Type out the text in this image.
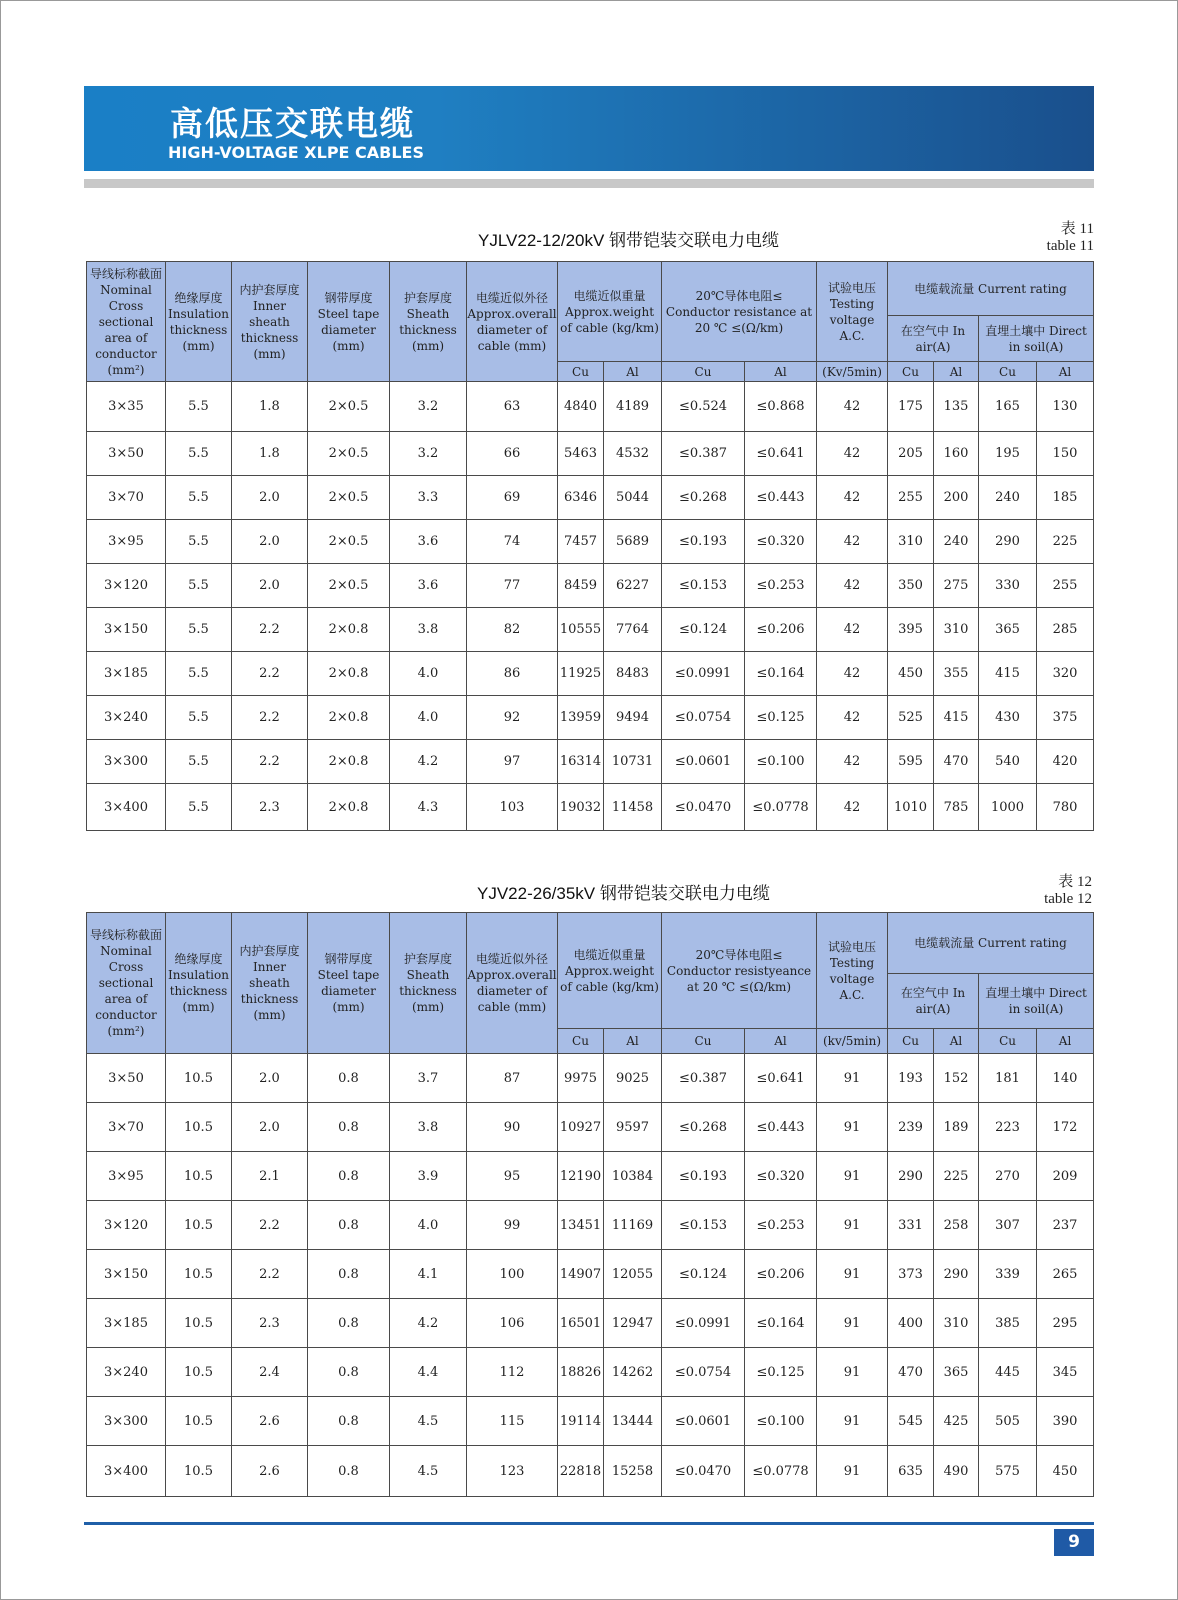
高低压交联电缆
HIGH-VOLTAGE XLPE CABLES
YJLV22-12/20kV 钢带铠装交联电力电缆
表 11
table 11
导线标称截面 Nominal Cross sectional area of conductor (mm²)	绝缘厚度 Insulation thickness (mm)	内护套厚度 Inner sheath thickness (mm)	钢带厚度 Steel tape diameter (mm)	护套厚度 Sheath thickness (mm)	电缆近似外径 Approx.overall diameter of cable (mm)	电缆近似重量 Approx.weight of cable (kg/km)		20℃导体电阻≤ Conductor resistance at 20 ℃ ≤(Ω/km)		试验电压 Testing voltage A.C.	电缆载流量 Current rating			
											在空气中 In air(A)		直埋土壤中 Direct in soil(A)	
						Cu	Al	Cu	Al	(Kv/5min)	Cu	Al	Cu	Al
3×35	5.5	1.8	2×0.5	3.2	63	4840	4189	≤0.524	≤0.868	42	175	135	165	130
3×50	5.5	1.8	2×0.5	3.2	66	5463	4532	≤0.387	≤0.641	42	205	160	195	150
3×70	5.5	2.0	2×0.5	3.3	69	6346	5044	≤0.268	≤0.443	42	255	200	240	185
3×95	5.5	2.0	2×0.5	3.6	74	7457	5689	≤0.193	≤0.320	42	310	240	290	225
3×120	5.5	2.0	2×0.5	3.6	77	8459	6227	≤0.153	≤0.253	42	350	275	330	255
3×150	5.5	2.2	2×0.8	3.8	82	10555	7764	≤0.124	≤0.206	42	395	310	365	285
3×185	5.5	2.2	2×0.8	4.0	86	11925	8483	≤0.0991	≤0.164	42	450	355	415	320
3×240	5.5	2.2	2×0.8	4.0	92	13959	9494	≤0.0754	≤0.125	42	525	415	430	375
3×300	5.5	2.2	2×0.8	4.2	97	16314	10731	≤0.0601	≤0.100	42	595	470	540	420
3×400	5.5	2.3	2×0.8	4.3	103	19032	11458	≤0.0470	≤0.0778	42	1010	785	1000	780
YJV22-26/35kV 钢带铠装交联电力电缆
表 12
table 12
导线标称截面 Nominal Cross sectional area of conductor (mm²)	绝缘厚度 Insulation thickness (mm)	内护套厚度 Inner sheath thickness (mm)	钢带厚度 Steel tape diameter (mm)	护套厚度 Sheath thickness (mm)	电缆近似外径 Approx.overall diameter of cable (mm)	电缆近似重量 Approx.weight of cable (kg/km)		20℃导体电阻≤ Conductor resistyeance at 20 ℃ ≤(Ω/km)		试验电压 Testing voltage A.C.	电缆载流量 Current rating			
											在空气中 In air(A)		直埋土壤中 Direct in soil(A)	
						Cu	Al	Cu	Al	(kv/5min)	Cu	Al	Cu	Al
3×50	10.5	2.0	0.8	3.7	87	9975	9025	≤0.387	≤0.641	91	193	152	181	140
3×70	10.5	2.0	0.8	3.8	90	10927	9597	≤0.268	≤0.443	91	239	189	223	172
3×95	10.5	2.1	0.8	3.9	95	12190	10384	≤0.193	≤0.320	91	290	225	270	209
3×120	10.5	2.2	0.8	4.0	99	13451	11169	≤0.153	≤0.253	91	331	258	307	237
3×150	10.5	2.2	0.8	4.1	100	14907	12055	≤0.124	≤0.206	91	373	290	339	265
3×185	10.5	2.3	0.8	4.2	106	16501	12947	≤0.0991	≤0.164	91	400	310	385	295
3×240	10.5	2.4	0.8	4.4	112	18826	14262	≤0.0754	≤0.125	91	470	365	445	345
3×300	10.5	2.6	0.8	4.5	115	19114	13444	≤0.0601	≤0.100	91	545	425	505	390
3×400	10.5	2.6	0.8	4.5	123	22818	15258	≤0.0470	≤0.0778	91	635	490	575	450
9
